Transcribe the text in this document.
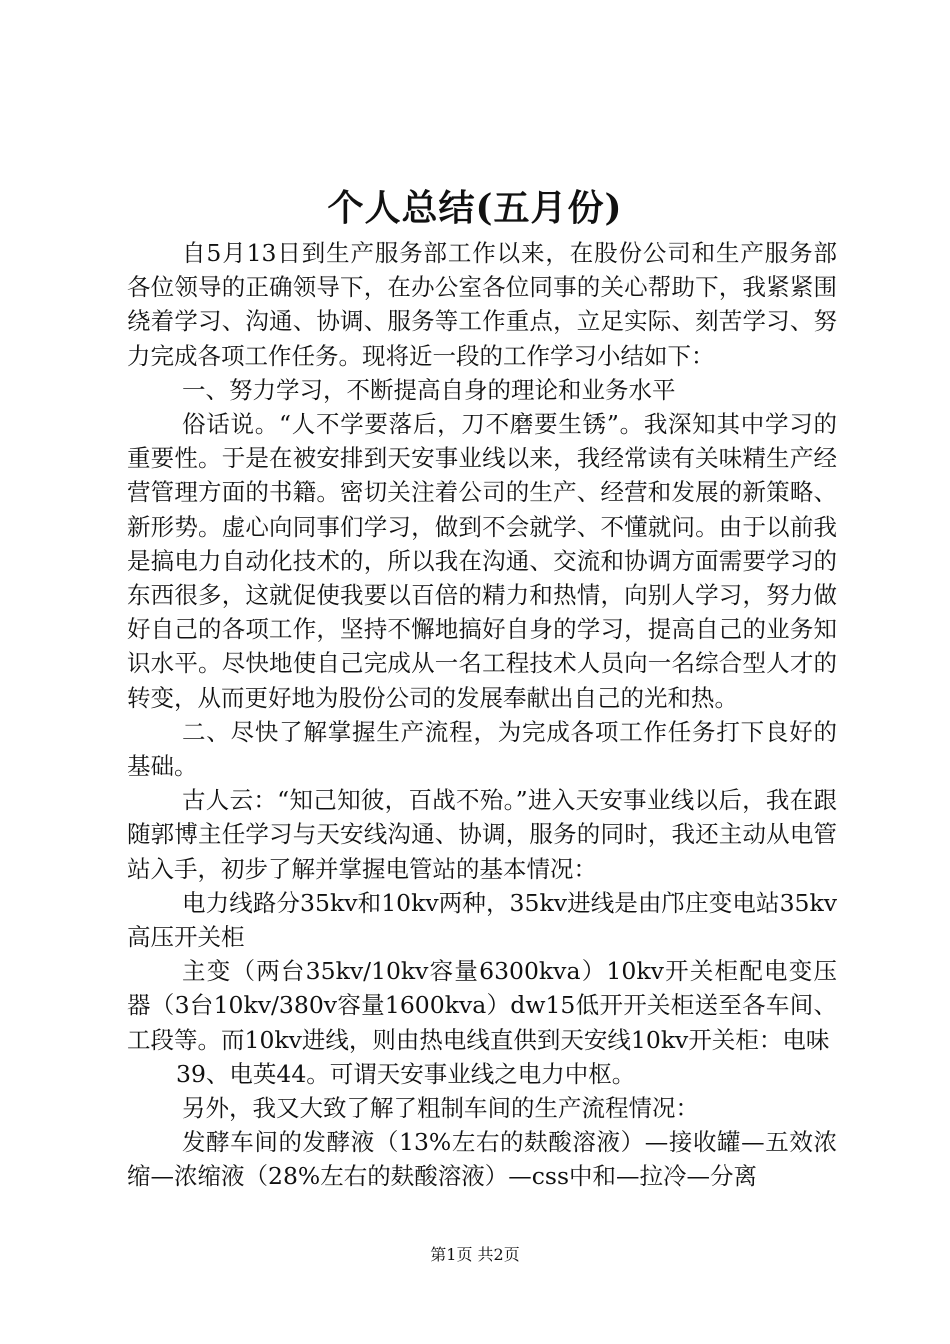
个人总结(五月份)

自5月13日到生产服务部工作以来，在股份公司和生产服务部各位领导的正确领导下，在办公室各位同事的关心帮助下，我紧紧围绕着学习、沟通、协调、服务等工作重点，立足实际、刻苦学习、努力完成各项工作任务。现将近一段的工作学习小结如下：

一、努力学习，不断提高自身的理论和业务水平

俗话说。“人不学要落后，刀不磨要生锈”。我深知其中学习的重要性。于是在被安排到天安事业线以来，我经常读有关味精生产经营管理方面的书籍。密切关注着公司的生产、经营和发展的新策略、新形势。虚心向同事们学习，做到不会就学、不懂就问。由于以前我是搞电力自动化技术的，所以我在沟通、交流和协调方面需要学习的东西很多，这就促使我要以百倍的精力和热情，向别人学习，努力做好自己的各项工作，坚持不懈地搞好自身的学习，提高自己的业务知识水平。尽快地使自己完成从一名工程技术人员向一名综合型人才的转变，从而更好地为股份公司的发展奉献出自己的光和热。

二、尽快了解掌握生产流程，为完成各项工作任务打下良好的基础。

古人云：“知己知彼，百战不殆。”进入天安事业线以后，我在跟随郭博主任学习与天安线沟通、协调，服务的同时，我还主动从电管站入手，初步了解并掌握电管站的基本情况：

电力线路分35kv和10kv两种，35kv进线是由邝庄变电站35kv高压开关柜

主变（两台35kv/10kv容量6300kva）10kv开关柜配电变压器（3台10kv/380v容量1600kva）dw15低开开关柜送至各车间、工段等。而10kv进线，则由热电线直供到天安线10kv开关柜：电味

39、电英44。可谓天安事业线之电力中枢。

另外，我又大致了解了粗制车间的生产流程情况：

发酵车间的发酵液（13%左右的麸酸溶液）—接收罐—五效浓缩—浓缩液（28%左右的麸酸溶液）—css中和—拉冷—分离

第1页 共2页
